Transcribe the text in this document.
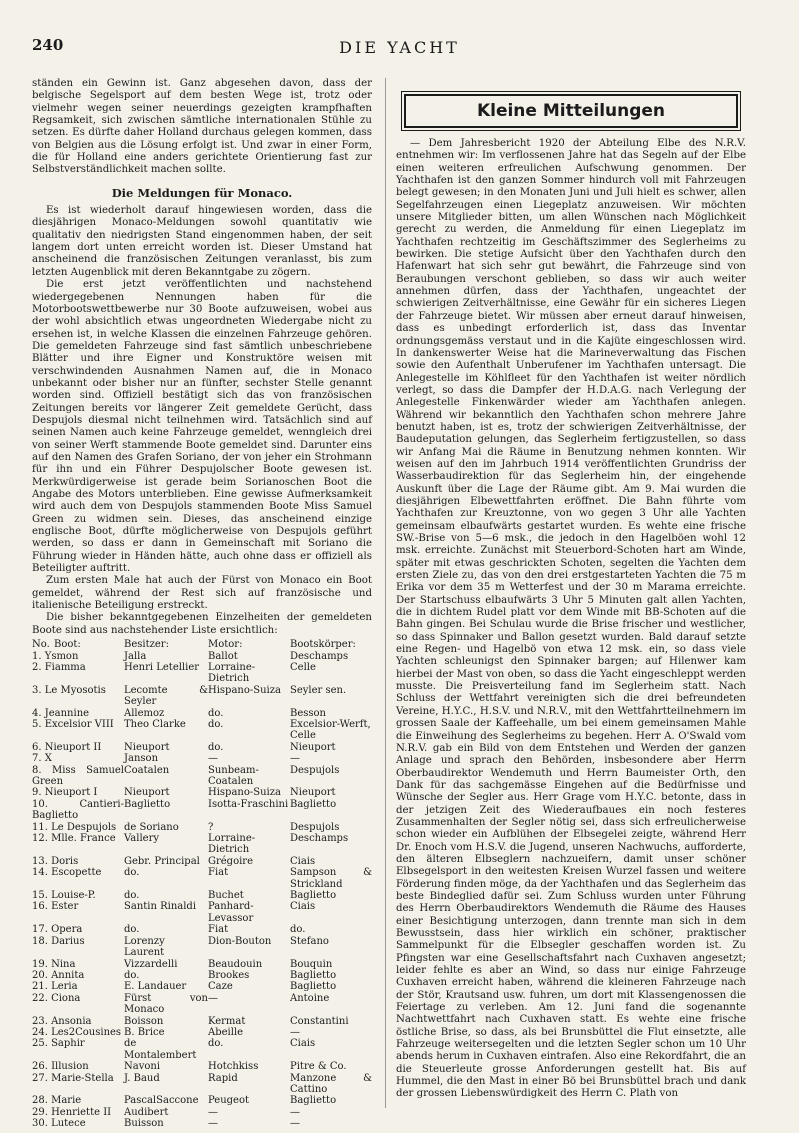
240	DIE YACHT

ständen ein Gewinn ist. Ganz abgesehen davon, dass der belgische Segelsport auf dem besten Wege ist, trotz oder vielmehr wegen seiner neuerdings gezeigten krampfhaften Regsamkeit, sich zwischen sämtliche internationalen Stühle zu setzen. Es dürfte daher Holland durchaus gelegen kommen, dass von Belgien aus die Lösung erfolgt ist. Und zwar in einer Form, die für Holland eine anders gerichtete Orientierung fast zur Selbstverständlichkeit machen sollte.

Die Meldungen für Monaco.

Es ist wiederholt darauf hingewiesen worden, dass die diesjährigen Monaco-Meldungen sowohl quantitativ wie qualitativ den niedrigsten Stand eingenommen haben, der seit langem dort unten erreicht worden ist. Dieser Umstand hat anscheinend die französischen Zeitungen veranlasst, bis zum letzten Augenblick mit deren Bekanntgabe zu zögern.

Die erst jetzt veröffentlichten und nachstehend wiedergegebenen Nennungen haben für die Motorbootswettbewerbe nur 30 Boote aufzuweisen, wobei aus der wohl absichtlich etwas ungeordneten Wiedergabe nicht zu ersehen ist, in welche Klassen die einzelnen Fahrzeuge gehören. Die gemeldeten Fahrzeuge sind fast sämtlich unbeschriebene Blätter und ihre Eigner und Konstruktöre weisen mit verschwindenden Ausnahmen Namen auf, die in Monaco unbekannt oder bisher nur an fünfter, sechster Stelle genannt worden sind. Offiziell bestätigt sich das von französischen Zeitungen bereits vor längerer Zeit gemeldete Gerücht, dass Despujols diesmal nicht teilnehmen wird. Tatsächlich sind auf seinen Namen auch keine Fahrzeuge gemeldet, wenngleich drei von seiner Werft stammende Boote gemeldet sind. Darunter eins auf den Namen des Grafen Soriano, der von jeher ein Strohmann für ihn und ein Führer Despujolscher Boote gewesen ist. Merkwürdigerweise ist gerade beim Sorianoschen Boot die Angabe des Motors unterblieben. Eine gewisse Aufmerksamkeit wird auch dem von Despujols stammenden Boote Miss Samuel Green zu widmen sein. Dieses, das anscheinend einzige englische Boot, dürfte möglicherweise von Despujols geführt werden, so dass er dann in Gemeinschaft mit Soriano die Führung wieder in Händen hätte, auch ohne dass er offiziell als Beteiligter auftritt.

Zum ersten Male hat auch der Fürst von Monaco ein Boot gemeldet, während der Rest sich auf französische und italienische Beteiligung erstreckt.

Die bisher bekanntgegebenen Einzelheiten der gemeldeten Boote sind aus nachstehender Liste ersichtlich:

No.	Boot:	Besitzer:	Motor:	Bootskörper:
1. Ysmon		Jalla	Ballot	Deschamps
2. Fiamma		Henri Letellier	Lorraine-Dietrich	Celle
3. Le Myosotis		Lecomte & Seyler	Hispano-Suiza	Seyler sen.
4. Jeannine		Allemoz	do.	Besson
5. Excelsior VIII		Theo Clarke	do.	Excelsior-Werft, Celle
6. Nieuport II		Nieuport	do.	Nieuport
7. X		Janson	—	—
8. Miss Samuel Green		Coatalen	Sunbeam-Coatalen	Despujols
9. Nieuport I		Nieuport	Hispano-Suiza	Nieuport
10. Cantieri-Baglietto		Baglietto	Isotta-Fraschini	Baglietto
11. Le Despujols		de Soriano	?	Despujols
12. Mlle. France		Vallery	Lorraine-Dietrich	Deschamps
13. Doris		Gebr. Principal	Grégoire	Ciais
14. Escopette		do.	Fiat	Sampson & Strickland
15. Louise-P.		do.	Buchet	Baglietto
16. Ester		Santin Rinaldi	Panhard-Levassor	Ciais
17. Opera		do.	Fiat	do.
18. Darius		Lorenzy Laurent	Dion-Bouton	Stefano
19. Nina		Vizzardelli	Beaudouin	Bouquin
20. Annita		do.	Brookes	Baglietto
21. Leria		E. Landauer	Caze	Baglietto
22. Ciona		Fürst von Monaco	—	Antoine
23. Ansonia		Boisson	Kermat	Constantini
24. Les2Cousines		B. Brice	Abeille	—
25. Saphir		de Montalembert	do.	Ciais
26. Illusion		Navoni	Hotchkiss	Pitre & Co.
27. Marie-Stella		J. Baud	Rapid	Manzone & Cattino
28. Marie		PascalSaccone	Peugeot	Baglietto
29. Henriette II		Audibert	—	—
30. Lutece		Buisson	—	—
Kleine Mitteilungen

— Dem Jahresbericht 1920 der Abteilung Elbe des N.R.V. entnehmen wir: Im verflossenen Jahre hat das Segeln auf der Elbe einen weiteren erfreulichen Aufschwung genommen. Der Yachthafen ist den ganzen Sommer hindurch voll mit Fahrzeugen belegt gewesen; in den Monaten Juni und Juli hielt es schwer, allen Segelfahrzeugen einen Liegeplatz anzuweisen. Wir möchten unsere Mitglieder bitten, um allen Wünschen nach Möglichkeit gerecht zu werden, die Anmeldung für einen Liegeplatz im Yachthafen rechtzeitig im Geschäftszimmer des Seglerheims zu bewirken. Die stetige Aufsicht über den Yachthafen durch den Hafenwart hat sich sehr gut bewährt, die Fahrzeuge sind von Beraubungen verschont geblieben, so dass wir auch weiter annehmen dürfen, dass der Yachthafen, ungeachtet der schwierigen Zeitverhältnisse, eine Gewähr für ein sicheres Liegen der Fahrzeuge bietet. Wir müssen aber erneut darauf hinweisen, dass es unbedingt erforderlich ist, dass das Inventar ordnungsgemäss verstaut und in die Kajüte eingeschlossen wird. In dankenswerter Weise hat die Marineverwaltung das Fischen sowie den Aufenthalt Unberufener im Yachthafen untersagt. Die Anlegestelle im Köhlfleet für den Yachthafen ist weiter nördlich verlegt, so dass die Dampfer der H.D.A.G. nach Verlegung der Anlegestelle Finkenwärder wieder am Yachthafen anlegen. Während wir bekanntlich den Yachthafen schon mehrere Jahre benutzt haben, ist es, trotz der schwierigen Zeitverhältnisse, der Baudeputation gelungen, das Seglerheim fertigzustellen, so dass wir Anfang Mai die Räume in Benutzung nehmen konnten. Wir weisen auf den im Jahrbuch 1914 veröffentlichten Grundriss der Wasserbaudirektion für das Seglerheim hin, der eingehende Auskunft über die Lage der Räume gibt. Am 9. Mai wurden die diesjährigen Elbewettfahrten eröffnet. Die Bahn führte vom Yachthafen zur Kreuztonne, von wo gegen 3 Uhr alle Yachten gemeinsam elbaufwärts gestartet wurden. Es wehte eine frische SW.-Brise von 5—6 msk., die jedoch in den Hagelböen wohl 12 msk. erreichte. Zunächst mit Steuerbord-Schoten hart am Winde, später mit etwas geschrickten Schoten, segelten die Yachten dem ersten Ziele zu, das von den drei erstgestarteten Yachten die 75 m Erika vor dem 35 m Wetterfest und der 30 m Marama erreichte. Der Startschuss elbaufwärts 3 Uhr 5 Minuten galt allen Yachten, die in dichtem Rudel platt vor dem Winde mit BB-Schoten auf die Bahn gingen. Bei Schulau wurde die Brise frischer und westlicher, so dass Spinnaker und Ballon gesetzt wurden. Bald darauf setzte eine Regen- und Hagelbö von etwa 12 msk. ein, so dass viele Yachten schleunigst den Spinnaker bargen; auf Hilenwer kam hierbei der Mast von oben, so dass die Yacht eingeschleppt werden musste. Die Preisverteilung fand im Seglerheim statt. Nach Schluss der Wettfahrt vereinigten sich die drei befreundeten Vereine, H.Y.C., H.S.V. und N.R.V., mit den Wettfahrtteilnehmern im grossen Saale der Kaffeehalle, um bei einem gemeinsamen Mahle die Einweihung des Seglerheims zu begehen. Herr A. O'Swald vom N.R.V. gab ein Bild von dem Entstehen und Werden der ganzen Anlage und sprach den Behörden, insbesondere aber Herrn Oberbaudirektor Wendemuth und Herrn Baumeister Orth, den Dank für das sachgemässe Eingehen auf die Bedürfnisse und Wünsche der Segler aus. Herr Grage vom H.Y.C. betonte, dass in der jetzigen Zeit des Wiederaufbaues ein noch festeres Zusammenhalten der Segler nötig sei, dass sich erfreulicherweise schon wieder ein Aufblühen der Elbsegelei zeigte, während Herr Dr. Enoch vom H.S.V. die Jugend, unseren Nachwuchs, aufforderte, den älteren Elbseglern nachzueifern, damit unser schöner Elbsegelsport in den weitesten Kreisen Wurzel fassen und weitere Förderung finden möge, da der Yachthafen und das Seglerheim das beste Bindeglied dafür sei. Zum Schluss wurden unter Führung des Herrn Oberbaudirektors Wendemuth die Räume des Hauses einer Besichtigung unterzogen, dann trennte man sich in dem Bewusstsein, dass hier wirklich ein schöner, praktischer Sammelpunkt für die Elbsegler geschaffen worden ist. Zu Pfingsten war eine Gesellschaftsfahrt nach Cuxhaven angesetzt; leider fehlte es aber an Wind, so dass nur einige Fahrzeuge Cuxhaven erreicht haben, während die kleineren Fahrzeuge nach der Stör, Krautsand usw. fuhren, um dort mit Klassengenossen die Feiertage zu verleben. Am 12. Juni fand die sogenannte Nachtwettfahrt nach Cuxhaven statt. Es wehte eine frische östliche Brise, so dass, als bei Brunsbüttel die Flut einsetzte, alle Fahrzeuge weitersegelten und die letzten Segler schon um 10 Uhr abends herum in Cuxhaven eintrafen. Also eine Rekordfahrt, die an die Steuerleute grosse Anforderungen gestellt hat. Bis auf Hummel, die den Mast in einer Bö bei Brunsbüttel brach und dank der grossen Liebenswürdigkeit des Herrn C. Plath von
